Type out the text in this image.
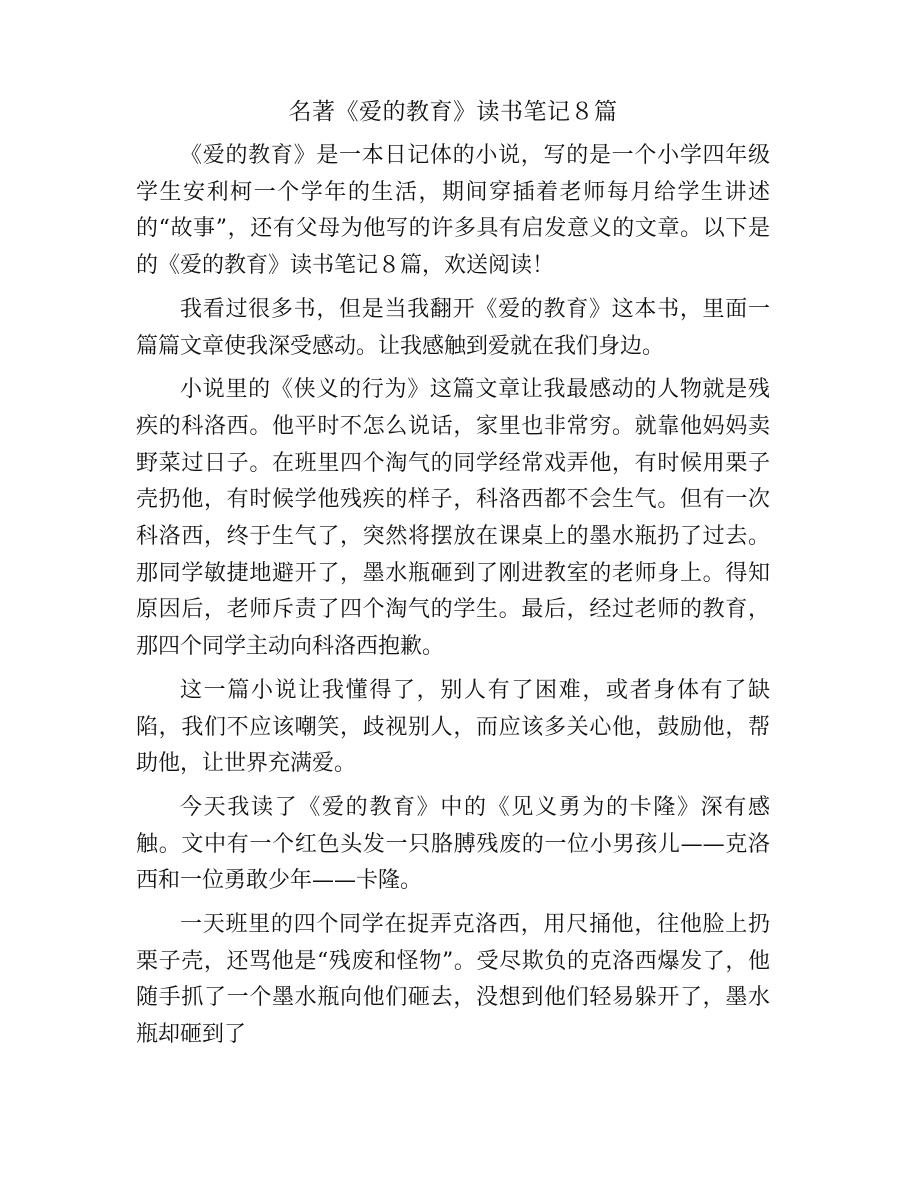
名著《爱的教育》读书笔记８篇

《爱的教育》是一本日记体的小说，写的是一个小学四年级学生安利柯一个学年的生活，期间穿插着老师每月给学生讲述的“故事”，还有父母为他写的许多具有启发意义的文章。以下是的《爱的教育》读书笔记８篇，欢送阅读！

我看过很多书，但是当我翻开《爱的教育》这本书，里面一篇篇文章使我深受感动。让我感触到爱就在我们身边。

小说里的《侠义的行为》这篇文章让我最感动的人物就是残疾的科洛西。他平时不怎么说话，家里也非常穷。就靠他妈妈卖野菜过日子。在班里四个淘气的同学经常戏弄他，有时候用栗子壳扔他，有时候学他残疾的样子，科洛西都不会生气。但有一次科洛西，终于生气了，突然将摆放在课桌上的墨水瓶扔了过去。那同学敏捷地避开了，墨水瓶砸到了刚进教室的老师身上。得知原因后，老师斥责了四个淘气的学生。最后，经过老师的教育，那四个同学主动向科洛西抱歉。

这一篇小说让我懂得了，别人有了困难，或者身体有了缺陷，我们不应该嘲笑，歧视别人，而应该多关心他，鼓励他，帮助他，让世界充满爱。

今天我读了《爱的教育》中的《见义勇为的卡隆》深有感触。文中有一个红色头发一只胳膊残废的一位小男孩儿——克洛西和一位勇敢少年——卡隆。

一天班里的四个同学在捉弄克洛西，用尺捅他，往他脸上扔栗子壳，还骂他是“残废和怪物”。受尽欺负的克洛西爆发了，他随手抓了一个墨水瓶向他们砸去，没想到他们轻易躲开了，墨水瓶却砸到了
